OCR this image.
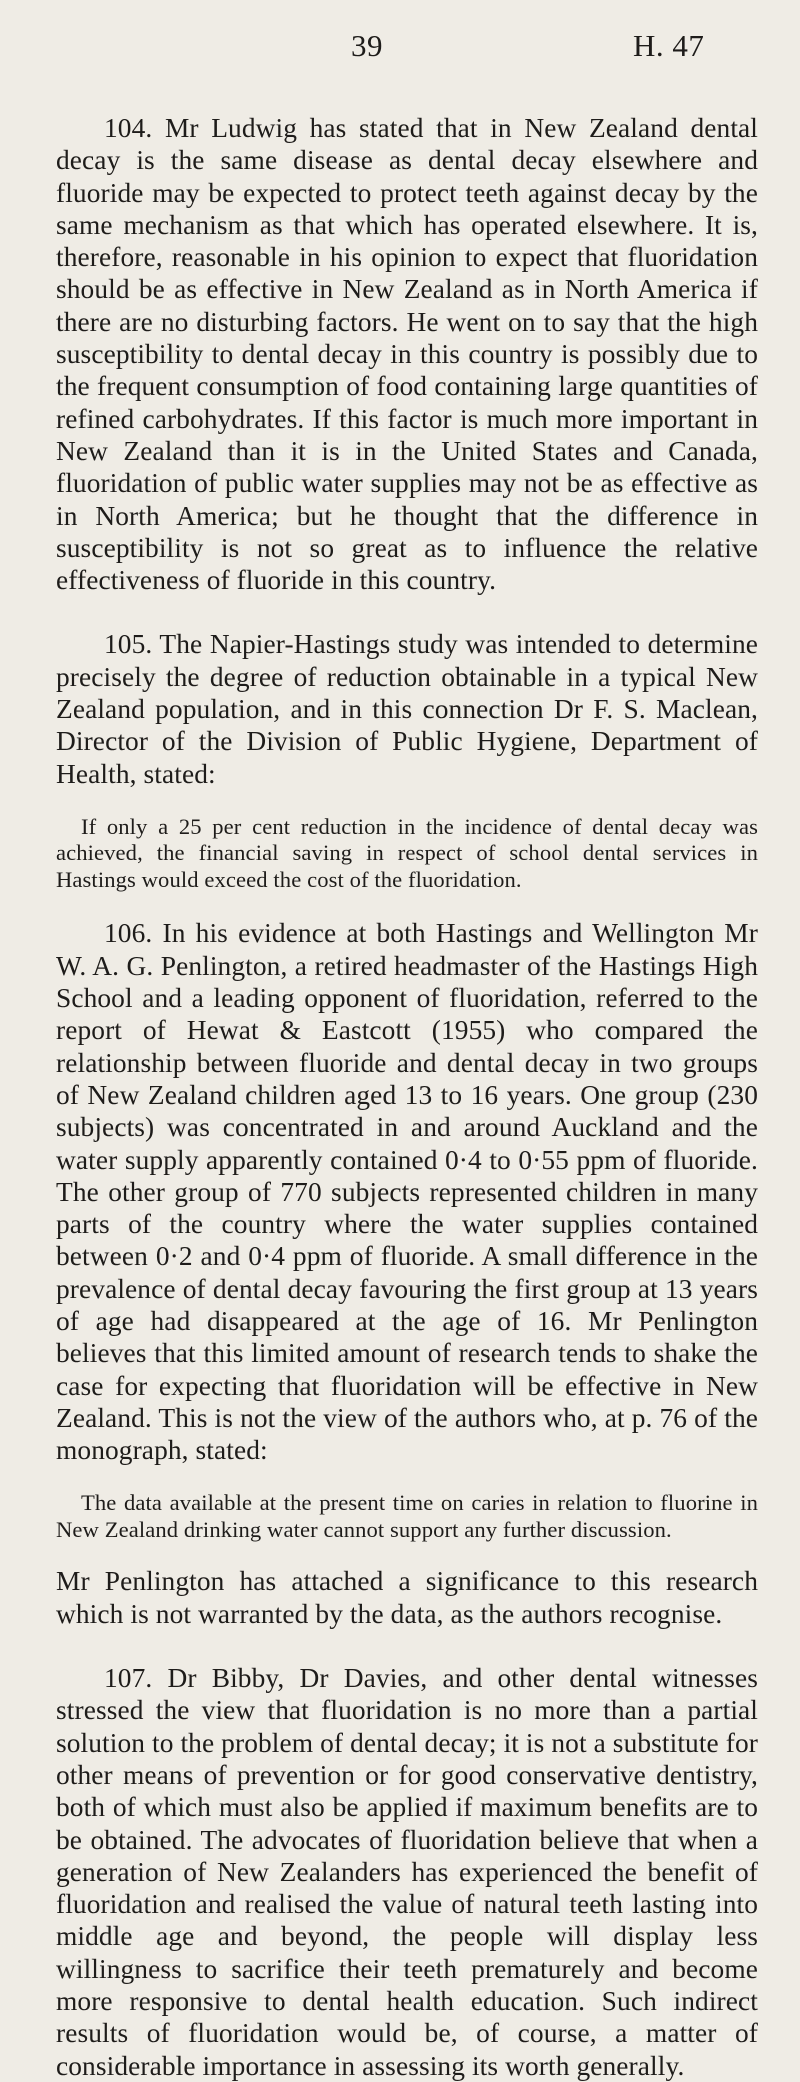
39	H. 47

104. Mr Ludwig has stated that in New Zealand dental decay is the same disease as dental decay elsewhere and fluoride may be expected to protect teeth against decay by the same mechanism as that which has operated elsewhere. It is, therefore, reasonable in his opinion to expect that fluoridation should be as effective in New Zealand as in North America if there are no disturbing factors. He went on to say that the high susceptibility to dental decay in this country is possibly due to the frequent consumption of food containing large quantities of refined carbohydrates. If this factor is much more important in New Zealand than it is in the United States and Canada, fluoridation of public water supplies may not be as effective as in North America; but he thought that the difference in susceptibility is not so great as to influence the relative effectiveness of fluoride in this country.

105. The Napier-Hastings study was intended to determine precisely the degree of reduction obtainable in a typical New Zealand population, and in this connection Dr F. S. Maclean, Director of the Division of Public Hygiene, Department of Health, stated:

If only a 25 per cent reduction in the incidence of dental decay was achieved, the financial saving in respect of school dental services in Hastings would exceed the cost of the fluoridation.

106. In his evidence at both Hastings and Wellington Mr W. A. G. Penlington, a retired headmaster of the Hastings High School and a leading opponent of fluoridation, referred to the report of Hewat & Eastcott (1955) who compared the relationship between fluoride and dental decay in two groups of New Zealand children aged 13 to 16 years. One group (230 subjects) was concentrated in and around Auckland and the water supply apparently contained 0·4 to 0·55 ppm of fluoride. The other group of 770 subjects represented children in many parts of the country where the water supplies contained between 0·2 and 0·4 ppm of fluoride. A small difference in the prevalence of dental decay favouring the first group at 13 years of age had disappeared at the age of 16. Mr Penlington believes that this limited amount of research tends to shake the case for expecting that fluoridation will be effective in New Zealand. This is not the view of the authors who, at p. 76 of the monograph, stated:

The data available at the present time on caries in relation to fluorine in New Zealand drinking water cannot support any further discussion.

Mr Penlington has attached a significance to this research which is not warranted by the data, as the authors recognise.

107. Dr Bibby, Dr Davies, and other dental witnesses stressed the view that fluoridation is no more than a partial solution to the problem of dental decay; it is not a substitute for other means of prevention or for good conservative dentistry, both of which must also be applied if maximum benefits are to be obtained. The advocates of fluoridation believe that when a generation of New Zealanders has experienced the benefit of fluoridation and realised the value of natural teeth lasting into middle age and beyond, the people will display less willingness to sacrifice their teeth prematurely and become more responsive to dental health education. Such indirect results of fluoridation would be, of course, a matter of considerable importance in assessing its worth generally.
